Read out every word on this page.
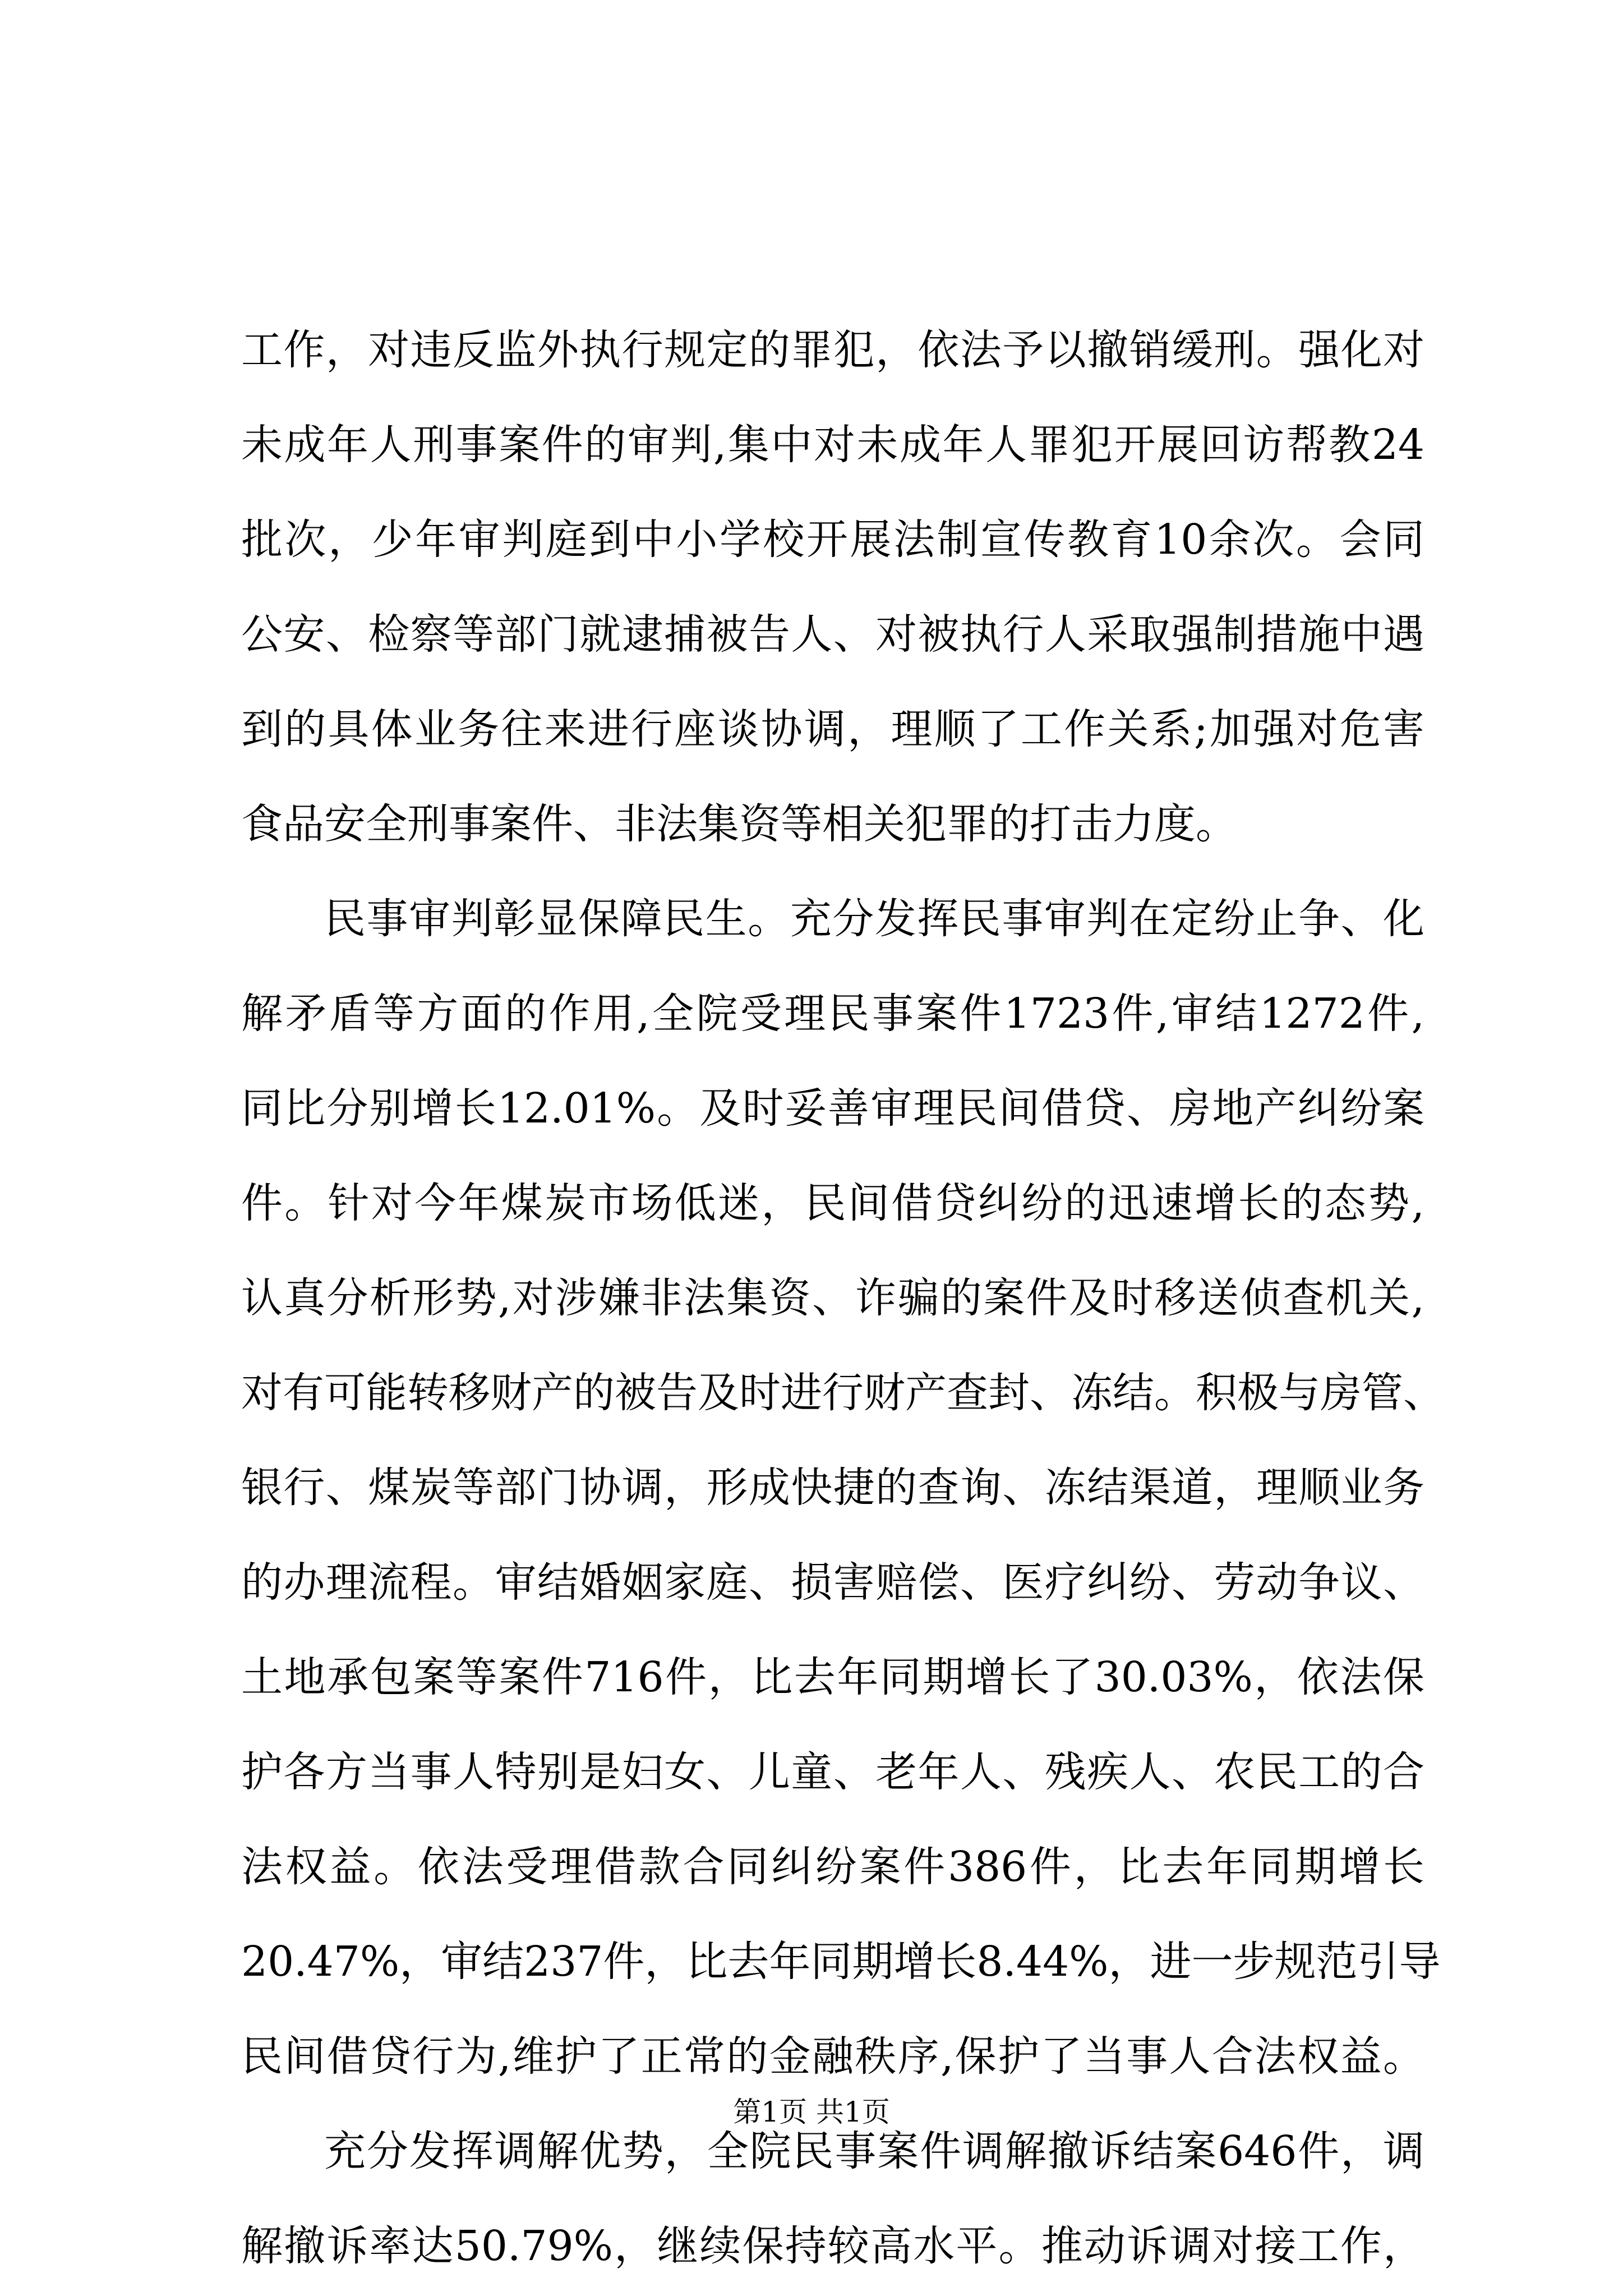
工作，对违反监外执行规定的罪犯，依法予以撤销缓刑。强化对
未成年人刑事案件的审判,集中对未成年人罪犯开展回访帮教24
批次，少年审判庭到中小学校开展法制宣传教育10余次。会同
公安、检察等部门就逮捕被告人、对被执行人采取强制措施中遇
到的具体业务往来进行座谈协调，理顺了工作关系;加强对危害
食品安全刑事案件、非法集资等相关犯罪的打击力度。
民事审判彰显保障民生。充分发挥民事审判在定纷止争、化
解矛盾等方面的作用,全院受理民事案件1723件,审结1272件,
同比分别增长12.01%。及时妥善审理民间借贷、房地产纠纷案
件。针对今年煤炭市场低迷，民间借贷纠纷的迅速增长的态势,
认真分析形势,对涉嫌非法集资、诈骗的案件及时移送侦查机关,
对有可能转移财产的被告及时进行财产查封、冻结。积极与房管、
银行、煤炭等部门协调，形成快捷的查询、冻结渠道，理顺业务
的办理流程。审结婚姻家庭、损害赔偿、医疗纠纷、劳动争议、
土地承包案等案件716件，比去年同期增长了30.03%，依法保
护各方当事人特别是妇女、儿童、老年人、残疾人、农民工的合
法权益。依法受理借款合同纠纷案件386件，比去年同期增长
20.47%，审结237件，比去年同期增长8.44%，进一步规范引导
民间借贷行为,维护了正常的金融秩序,保护了当事人合法权益。
充分发挥调解优势，全院民事案件调解撤诉结案646件，调
解撤诉率达50.79%，继续保持较高水平。推动诉调对接工作，
第1页 共1页
